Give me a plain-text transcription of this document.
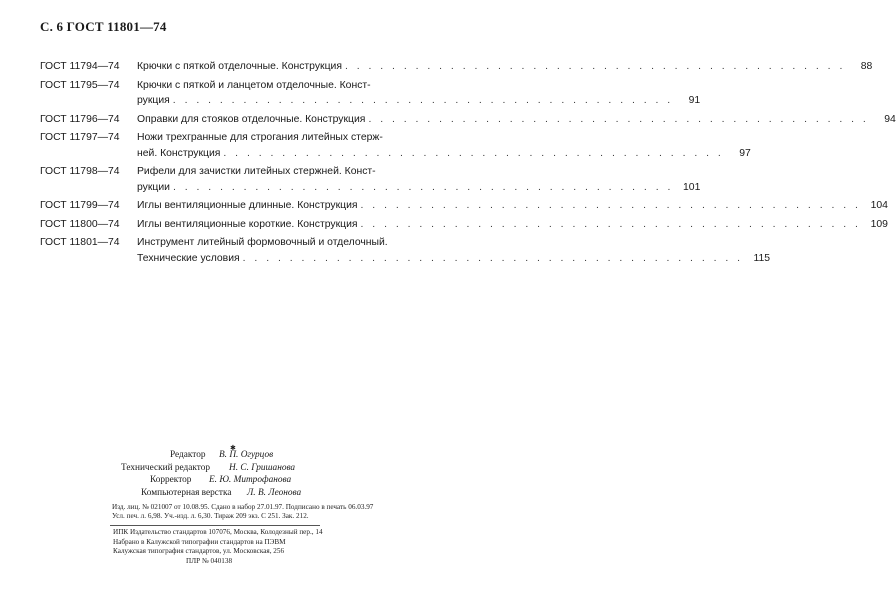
С. 6 ГОСТ 11801—74
ГОСТ 11794—74	Крючки с пяткой отделочные. Конструкция . . .	88
ГОСТ 11795—74	Крючки с пяткой и ланцетом отделочные. Конст-
рукция . . .	91
ГОСТ 11796—74	Оправки для стояков отделочные. Конструкция . . .	94
ГОСТ 11797—74	Ножи трехгранные для строгания литейных стерж-
ней. Конструкция . . .	97
ГОСТ 11798—74	Рифели для зачистки литейных стержней. Конст-
рукции . . .	101
ГОСТ 11799—74	Иглы вентиляционные длинные. Конструкция . . .	104
ГОСТ 11800—74	Иглы вентиляционные короткие. Конструкция . . .	109
ГОСТ 11801—74	Инструмент литейный формовочный и отделочный.
Технические условия . . .	115
✱
Редактор В. П. Огурцов
Технический редактор Н. С. Гришанова
Корректор Е. Ю. Митрофанова
Компьютерная верстка Л. В. Леонова
Изд. лиц. № 021007 от 10.08.95. Сдано в набор 27.01.97. Подписано в печать 06.03.97
Усл. печ. л. 6,98. Уч.-изд. л. 6,30. Тираж 209 экз. С 251. Зак. 212.
ИПК Издательство стандартов 107076, Москва, Колодезный пер., 14
Набрано в Калужской типографии стандартов на ПЭВМ
Калужская типография стандартов, ул. Московская, 256
ПЛР № 040138
